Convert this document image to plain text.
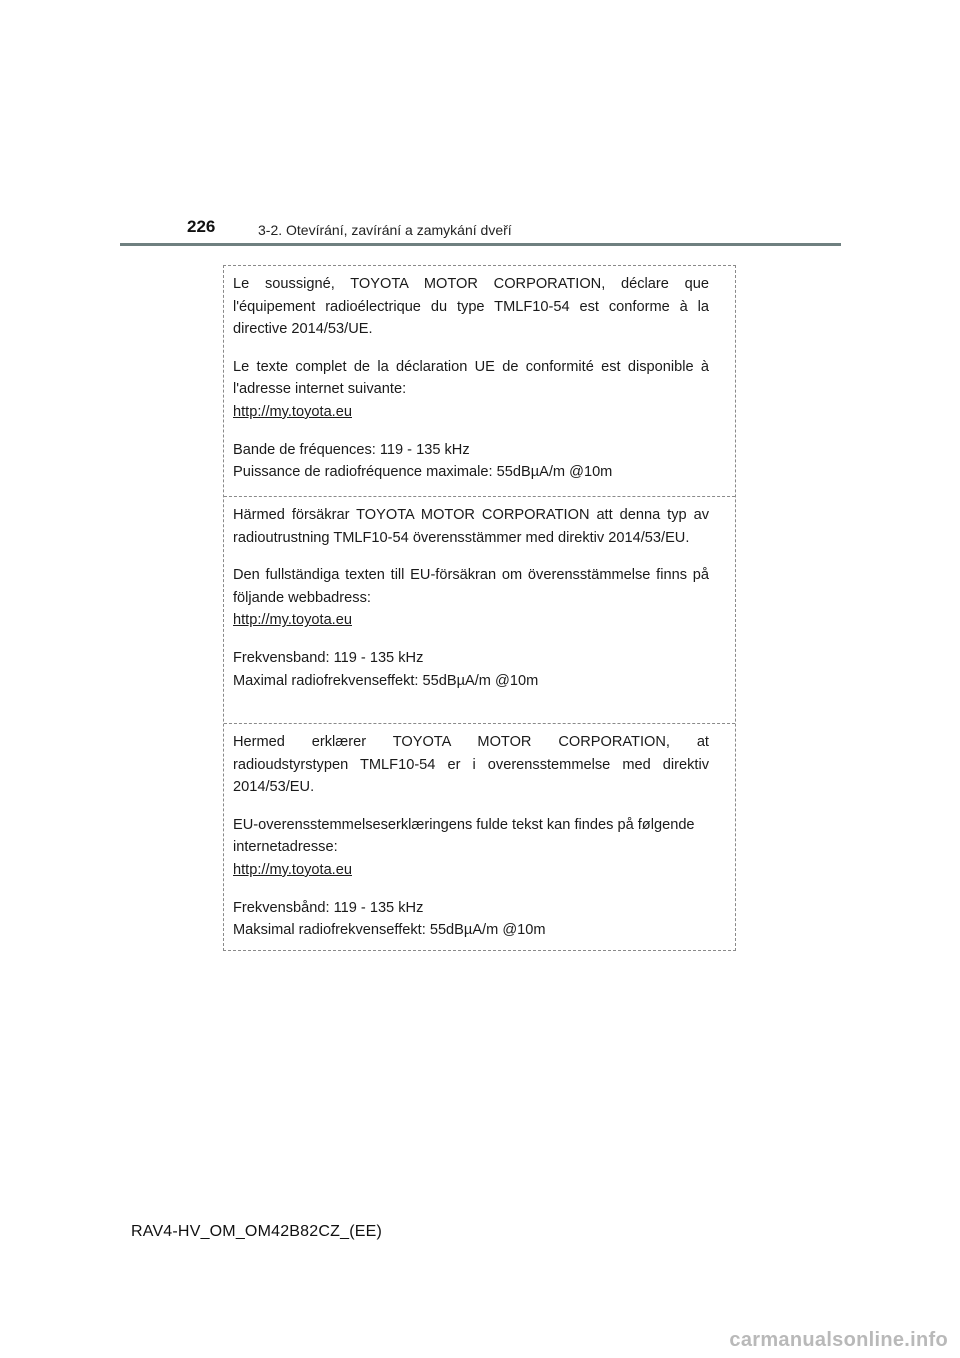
226	3-2. Otevírání, zavírání a zamykání dveří

Le soussigné, TOYOTA MOTOR CORPORATION, déclare que l'équipement radioélectrique du type TMLF10-54 est conforme à la directive 2014/53/UE.

Le texte complet de la déclaration UE de conformité est disponible à l'adresse internet suivante:

http://my.toyota.eu

Bande de fréquences: 119 - 135 kHz

Puissance de radiofréquence maximale: 55dBµA/m @10m

Härmed försäkrar TOYOTA MOTOR CORPORATION att denna typ av radioutrustning TMLF10-54 överensstämmer med direktiv 2014/53/EU.

Den fullständiga texten till EU-försäkran om överensstämmelse finns på följande webbadress:

http://my.toyota.eu

Frekvensband: 119 - 135 kHz

Maximal radiofrekvenseffekt: 55dBµA/m @10m

Hermed erklærer TOYOTA MOTOR CORPORATION, at radioudstyrstypen TMLF10-54 er i overensstemmelse med direktiv 2014/53/EU.

EU-overensstemmelseserklæringens fulde tekst kan findes på følgende internetadresse:

http://my.toyota.eu

Frekvensbånd: 119 - 135 kHz

Maksimal radiofrekvenseffekt: 55dBµA/m @10m

RAV4-HV_OM_OM42B82CZ_(EE)
carmanualsonline.info
